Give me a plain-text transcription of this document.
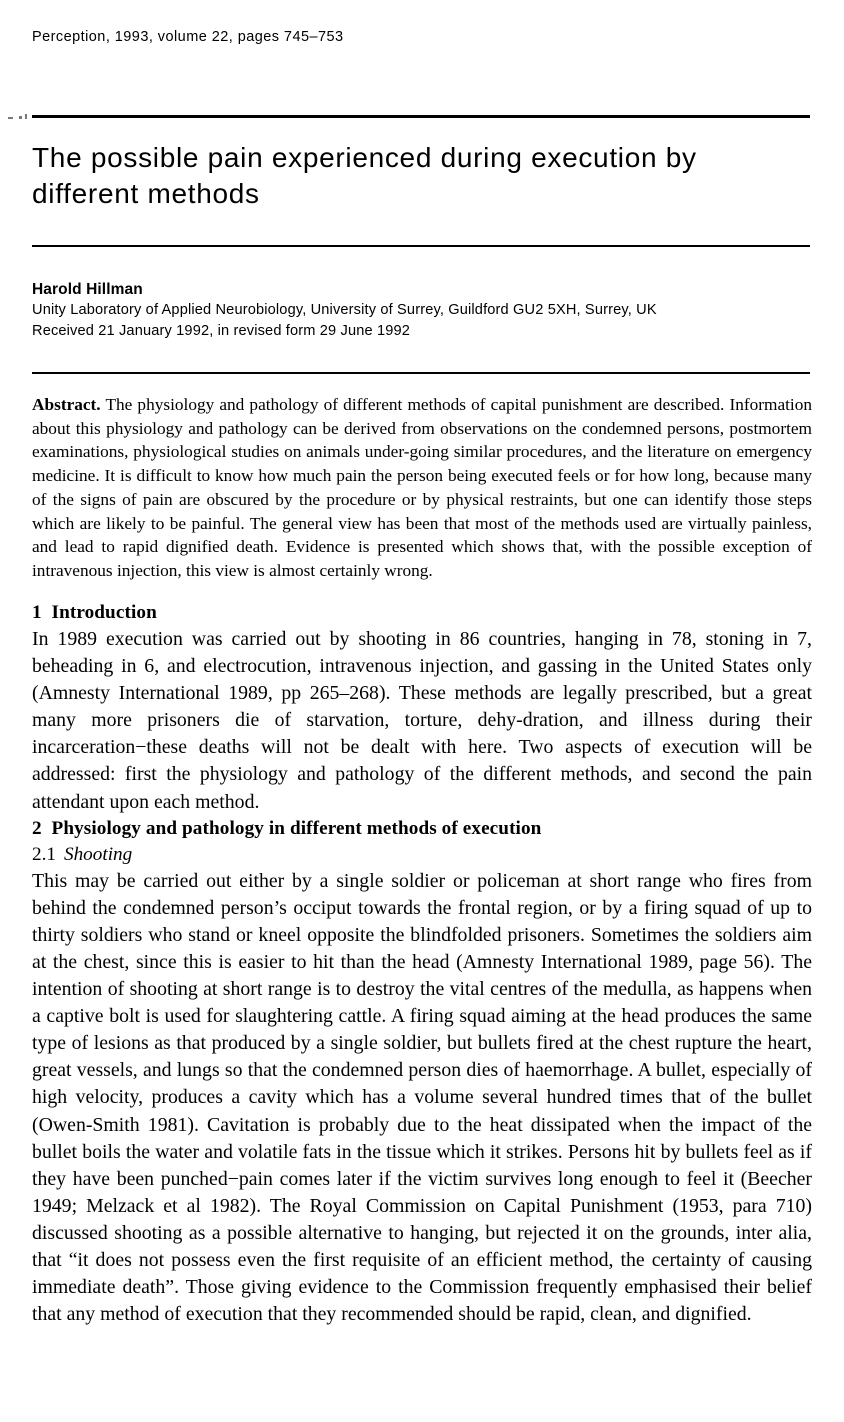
Perception, 1993, volume 22, pages 745–753
The possible pain experienced during execution by
different methods
Harold Hillman
Unity Laboratory of Applied Neurobiology, University of Surrey, Guildford GU2 5XH, Surrey, UK
Received 21 January 1992, in revised form 29 June 1992
Abstract. The physiology and pathology of different methods of capital punishment are described. Information about this physiology and pathology can be derived from observations on the condemned persons, postmortem examinations, physiological studies on animals under-going similar procedures, and the literature on emergency medicine. It is difficult to know how much pain the person being executed feels or for how long, because many of the signs of pain are obscured by the procedure or by physical restraints, but one can identify those steps which are likely to be painful. The general view has been that most of the methods used are virtually painless, and lead to rapid dignified death. Evidence is presented which shows that, with the possible exception of intravenous injection, this view is almost certainly wrong.
1 Introduction

In 1989 execution was carried out by shooting in 86 countries, hanging in 78, stoning in 7, beheading in 6, and electrocution, intravenous injection, and gassing in the United States only (Amnesty International 1989, pp 265–268). These methods are legally prescribed, but a great many more prisoners die of starvation, torture, dehy-dration, and illness during their incarceration−these deaths will not be dealt with here. Two aspects of execution will be addressed: first the physiology and pathology of the different methods, and second the pain attendant upon each method.

2 Physiology and pathology in different methods of execution
2.1 Shooting

This may be carried out either by a single soldier or policeman at short range who fires from behind the condemned person’s occiput towards the frontal region, or by a firing squad of up to thirty soldiers who stand or kneel opposite the blindfolded prisoners. Sometimes the soldiers aim at the chest, since this is easier to hit than the head (Amnesty International 1989, page 56). The intention of shooting at short range is to destroy the vital centres of the medulla, as happens when a captive bolt is used for slaughtering cattle. A firing squad aiming at the head produces the same type of lesions as that produced by a single soldier, but bullets fired at the chest rupture the heart, great vessels, and lungs so that the condemned person dies of haemorrhage. A bullet, especially of high velocity, produces a cavity which has a volume several hundred times that of the bullet (Owen-Smith 1981). Cavitation is probably due to the heat dissipated when the impact of the bullet boils the water and volatile fats in the tissue which it strikes. Persons hit by bullets feel as if they have been punched−pain comes later if the victim survives long enough to feel it (Beecher 1949; Melzack et al 1982). The Royal Commission on Capital Punishment (1953, para 710) discussed shooting as a possible alternative to hanging, but rejected it on the grounds, inter alia, that “it does not possess even the first requisite of an efficient method, the certainty of causing immediate death”. Those giving evidence to the Commission frequently emphasised their belief that any method of execution that they recommended should be rapid, clean, and dignified.
